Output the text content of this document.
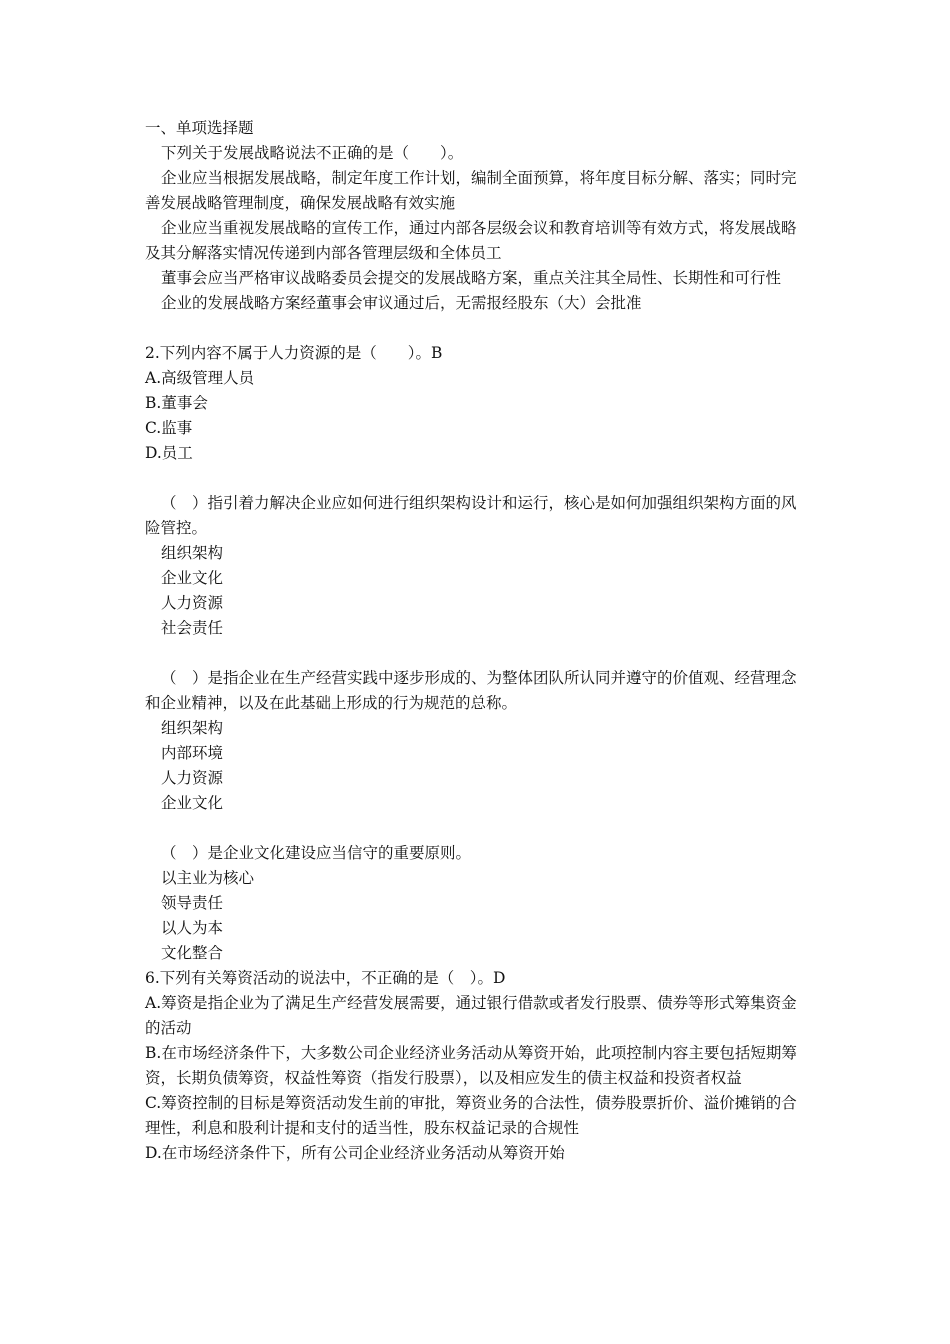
一、单项选择题
下列关于发展战略说法不正确的是（　　）。
企业应当根据发展战略，制定年度工作计划，编制全面预算，将年度目标分解、落实；同时完善发展战略管理制度，确保发展战略有效实施
企业应当重视发展战略的宣传工作，通过内部各层级会议和教育培训等有效方式，将发展战略及其分解落实情况传递到内部各管理层级和全体员工
董事会应当严格审议战略委员会提交的发展战略方案，重点关注其全局性、长期性和可行性
企业的发展战略方案经董事会审议通过后，无需报经股东（大）会批准
2.下列内容不属于人力资源的是（　　）。B
A.高级管理人员
B.董事会
C.监事
D.员工
（　）指引着力解决企业应如何进行组织架构设计和运行，核心是如何加强组织架构方面的风险管控。
组织架构
企业文化
人力资源
社会责任
（　）是指企业在生产经营实践中逐步形成的、为整体团队所认同并遵守的价值观、经营理念和企业精神，以及在此基础上形成的行为规范的总称。
组织架构
内部环境
人力资源
企业文化
（　）是企业文化建设应当信守的重要原则。
以主业为核心
领导责任
以人为本
文化整合
6.下列有关筹资活动的说法中，不正确的是（　）。D
A.筹资是指企业为了满足生产经营发展需要，通过银行借款或者发行股票、债券等形式筹集资金的活动
B.在市场经济条件下，大多数公司企业经济业务活动从筹资开始，此项控制内容主要包括短期筹资，长期负债筹资，权益性筹资（指发行股票），以及相应发生的债主权益和投资者权益
C.筹资控制的目标是筹资活动发生前的审批，筹资业务的合法性，债券股票折价、溢价摊销的合理性，利息和股利计提和支付的适当性，股东权益记录的合规性
D.在市场经济条件下，所有公司企业经济业务活动从筹资开始
